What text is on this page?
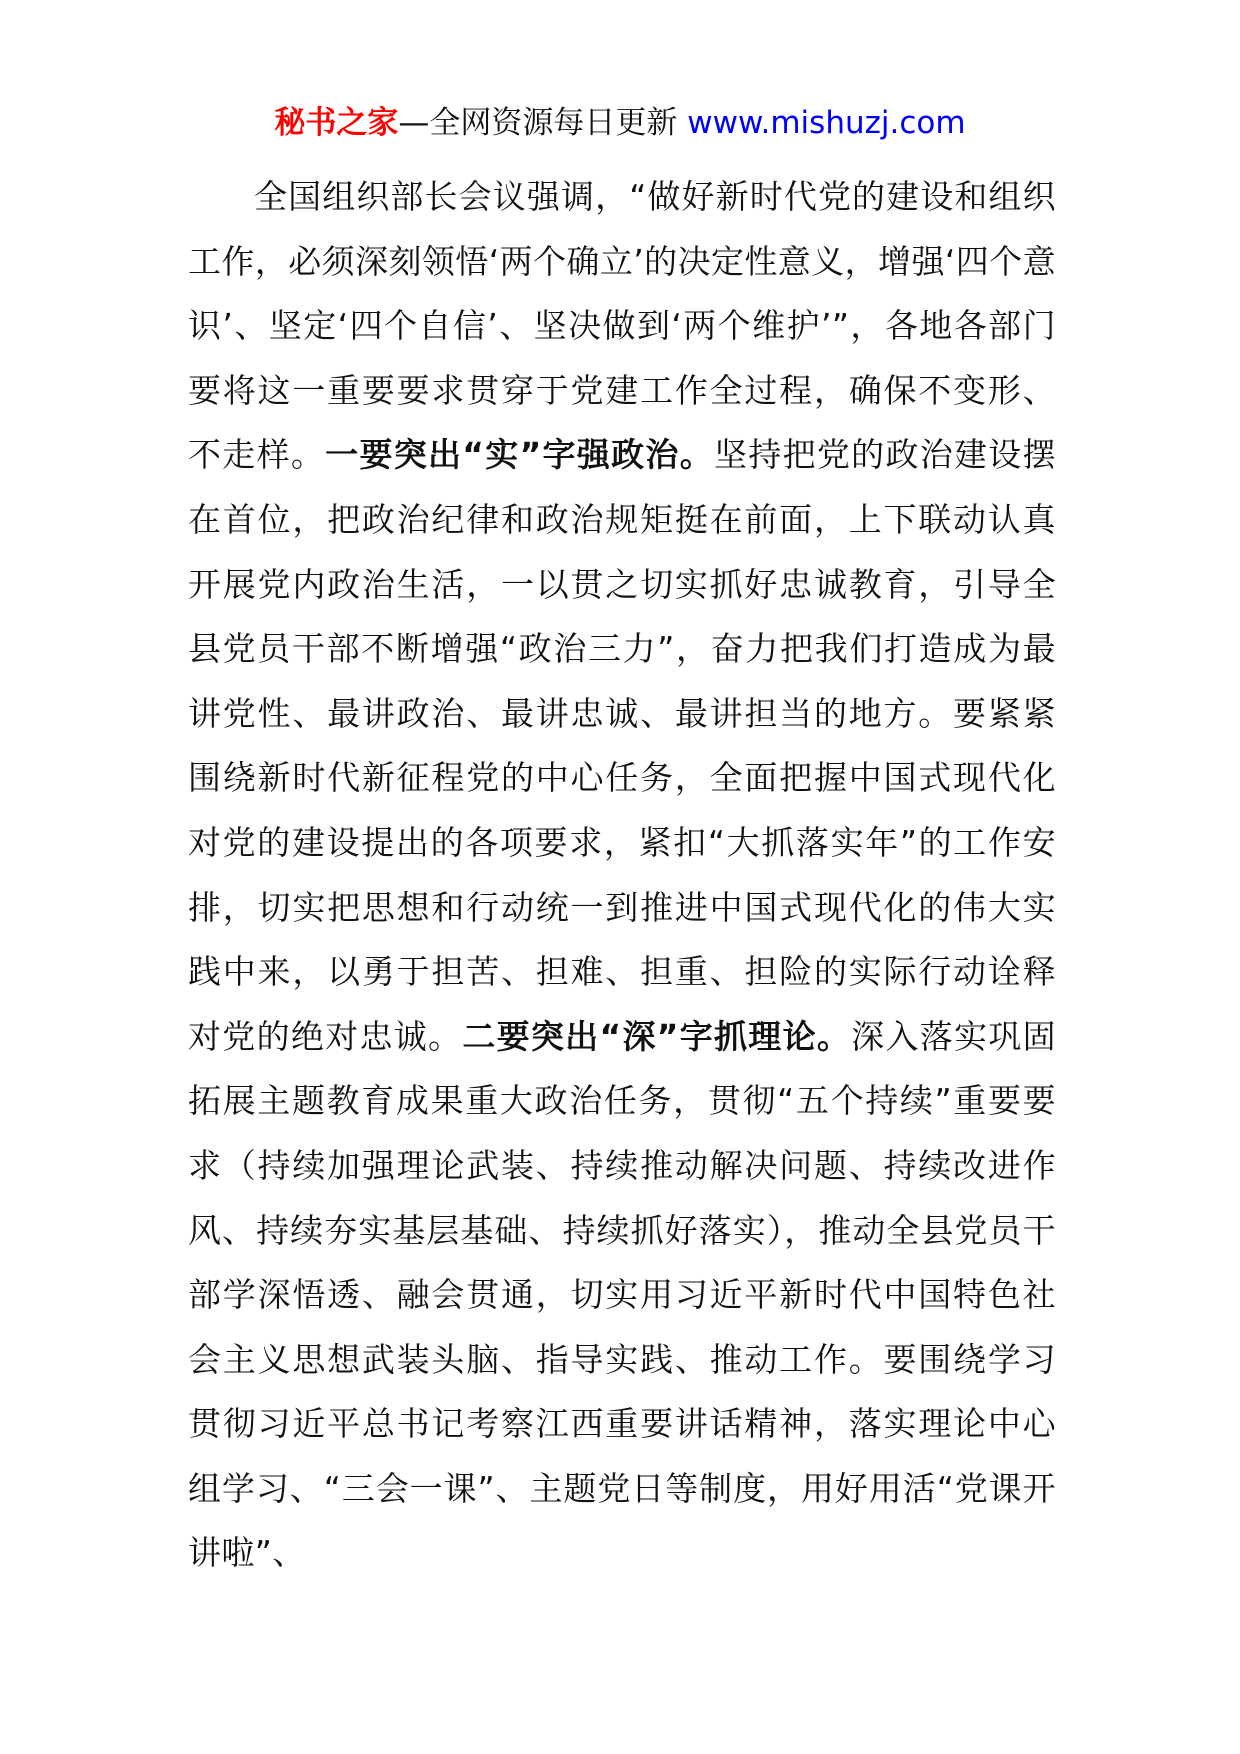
秘书之家—全网资源每日更新 www.mishuzj.com

全国组织部长会议强调，“做好新时代党的建设和组织工作，必须深刻领悟‘两个确立’的决定性意义，增强‘四个意识’、坚定‘四个自信’、坚决做到‘两个维护’”，各地各部门要将这一重要要求贯穿于党建工作全过程，确保不变形、不走样。一要突出“实”字强政治。坚持把党的政治建设摆在首位，把政治纪律和政治规矩挺在前面，上下联动认真开展党内政治生活，一以贯之切实抓好忠诚教育，引导全县党员干部不断增强“政治三力”，奋力把我们打造成为最讲党性、最讲政治、最讲忠诚、最讲担当的地方。要紧紧围绕新时代新征程党的中心任务，全面把握中国式现代化对党的建设提出的各项要求，紧扣“大抓落实年”的工作安排，切实把思想和行动统一到推进中国式现代化的伟大实践中来，以勇于担苦、担难、担重、担险的实际行动诠释对党的绝对忠诚。二要突出“深”字抓理论。深入落实巩固拓展主题教育成果重大政治任务，贯彻“五个持续”重要要求（持续加强理论武装、持续推动解决问题、持续改进作风、持续夯实基层基础、持续抓好落实），推动全县党员干部学深悟透、融会贯通，切实用习近平新时代中国特色社会主义思想武装头脑、指导实践、推动工作。要围绕学习贯彻习近平总书记考察江西重要讲话精神，落实理论中心组学习、“三会一课”、主题党日等制度，用好用活“党课开讲啦”、
